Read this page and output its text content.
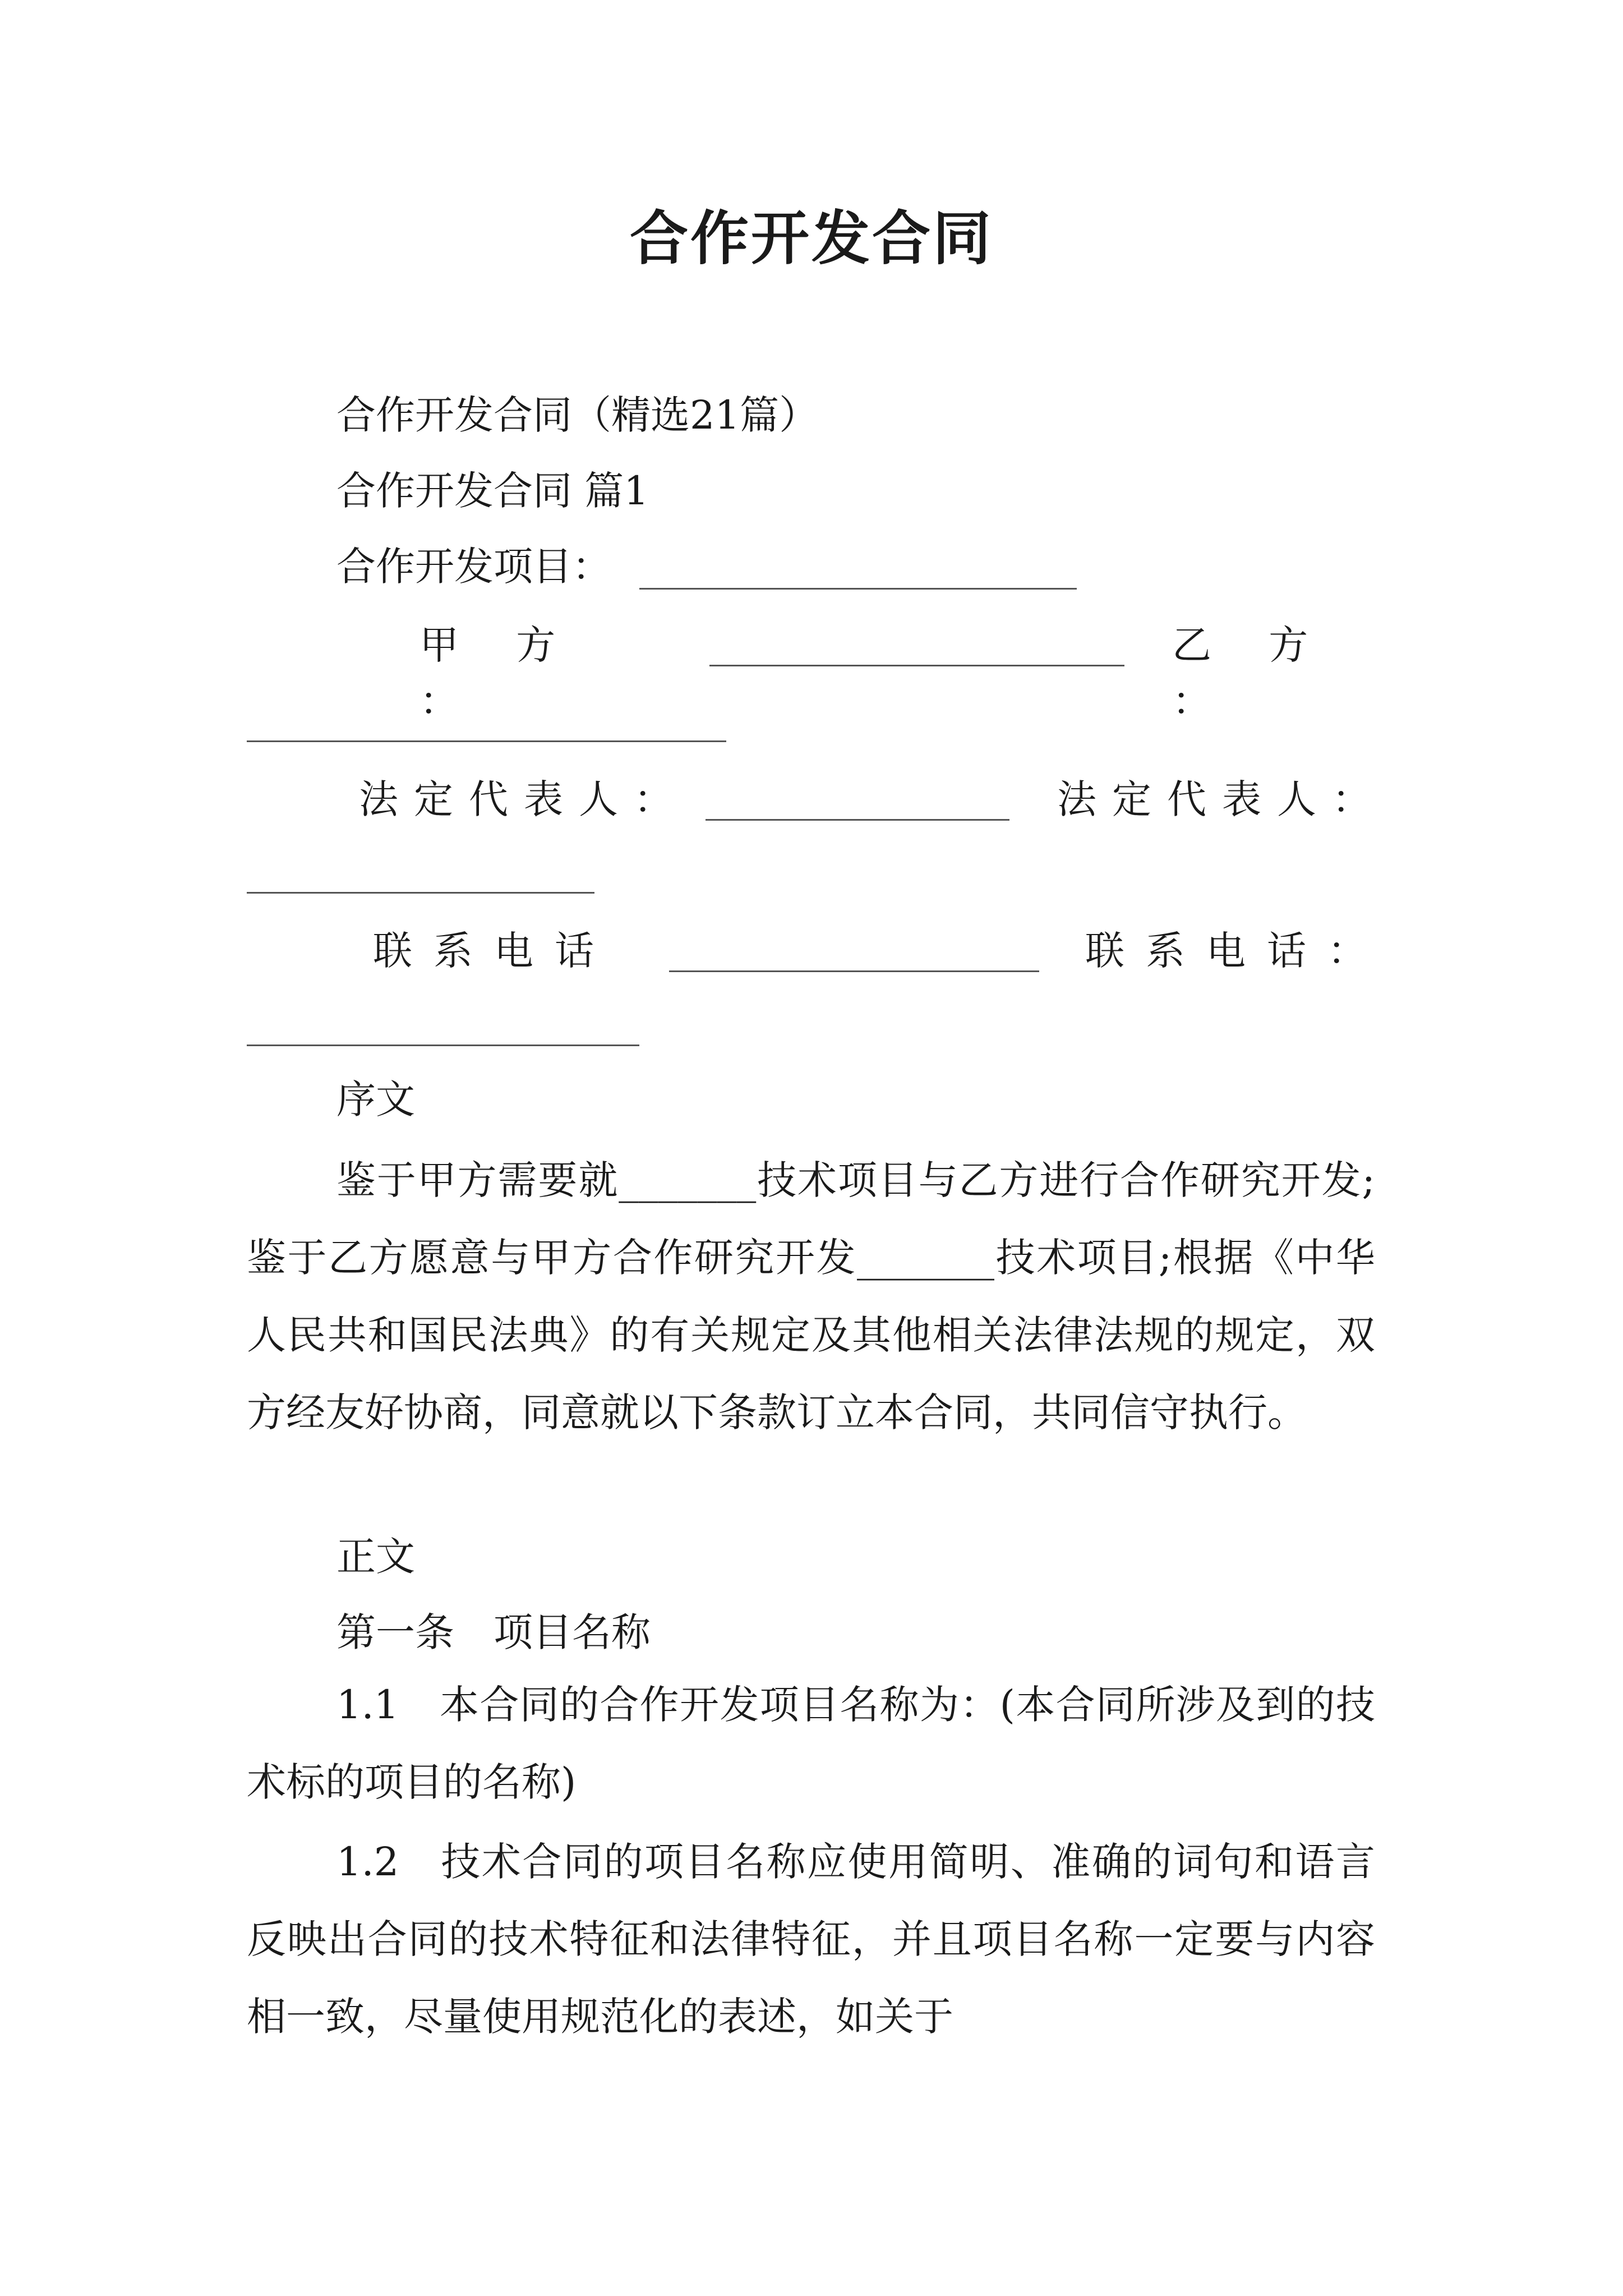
合作开发合同
合作开发合同（精选21篇）
合作开发合同 篇1
合作开发项目：
甲 方 ：
乙 方 ：
法定代表人：	法定代表人：
联系电话	联系电话：
序文

鉴于甲方需要就_______技术项目与乙方进行合作研究开发;鉴于乙方愿意与甲方合作研究开发_______技术项目;根据《中华人民共和国民法典》的有关规定及其他相关法律法规的规定，双方经友好协商，同意就以下条款订立本合同，共同信守执行。

正文
第一条　项目名称

1.1　本合同的合作开发项目名称为：(本合同所涉及到的技术标的项目的名称)

1.2　技术合同的项目名称应使用简明、准确的词句和语言反映出合同的技术特征和法律特征，并且项目名称一定要与内容相一致，尽量使用规范化的表述，如关于
